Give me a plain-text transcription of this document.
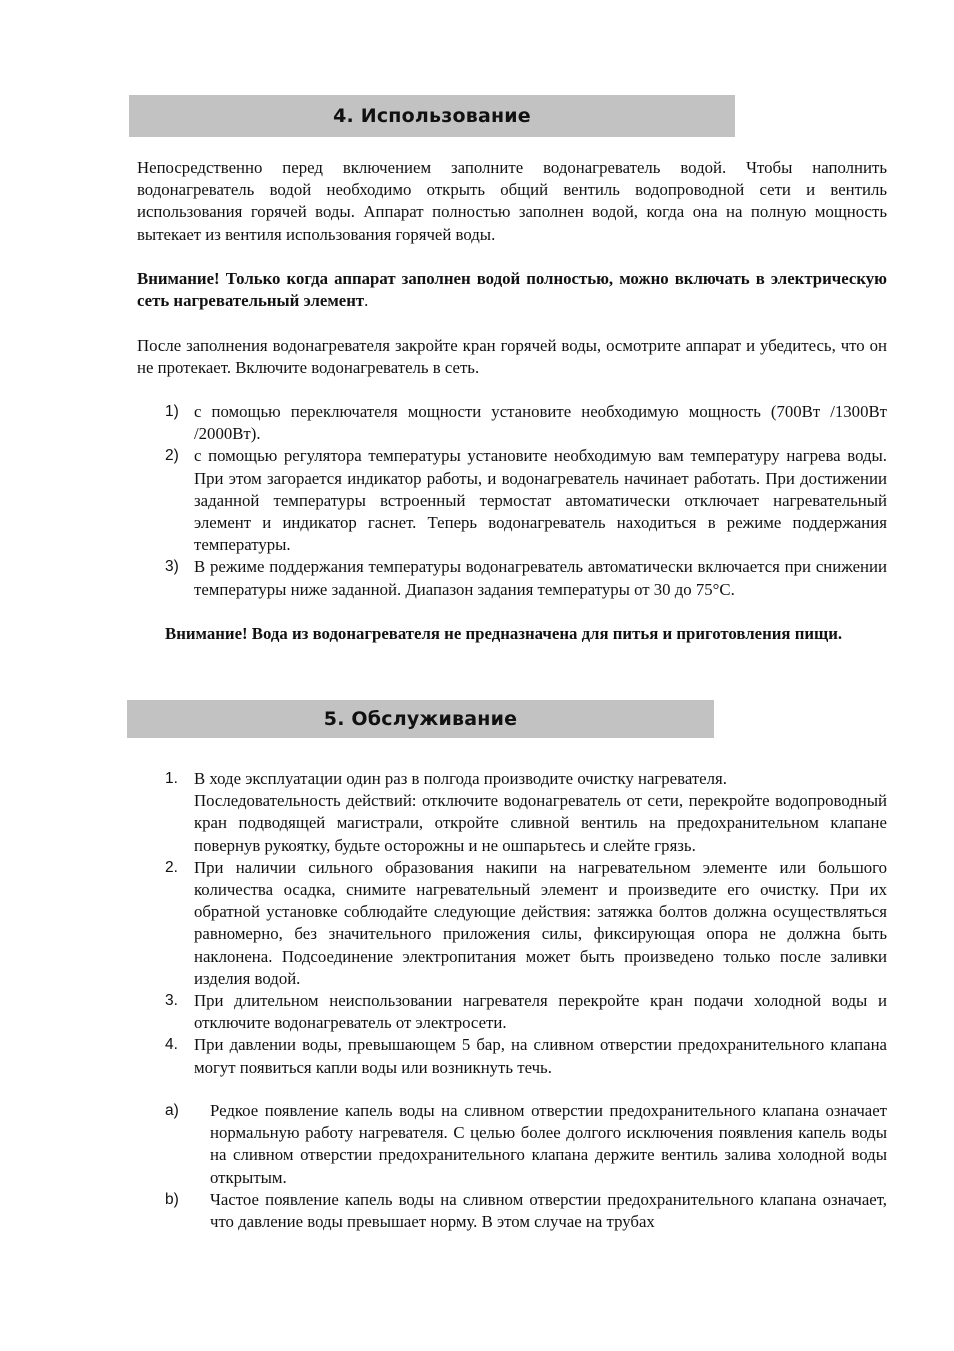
4. Использование

Непосредственно перед включением заполните водонагреватель водой. Чтобы наполнить водонагреватель водой необходимо открыть общий вентиль водопроводной сети и вентиль использования горячей воды. Аппарат полностью заполнен водой, когда она на полную мощность вытекает из вентиля использования горячей воды.

Внимание! Только когда аппарат заполнен водой полностью, можно включать в электрическую сеть нагревательный элемент.

После заполнения водонагревателя закройте кран горячей воды, осмотрите аппарат и убедитесь, что он не протекает. Включите водонагреватель в сеть.

1) с помощью переключателя мощности установите необходимую мощность (700Вт /1300Вт /2000Вт).
2) с помощью регулятора температуры установите необходимую вам температуру нагрева воды. При этом загорается индикатор работы, и водонагреватель начинает работать. При достижении заданной температуры встроенный термостат автоматически отключает нагревательный элемент и индикатор гаснет. Теперь водонагреватель находиться в режиме поддержания температуры.
3) В режиме поддержания температуры водонагреватель автоматически включается при снижении температуры ниже заданной. Диапазон задания температуры от 30 до 75°С.

Внимание! Вода из водонагревателя не предназначена для питья и приготовления пищи.

5. Обслуживание
1. В ходе эксплуатации один раз в полгода производите очистку нагревателя.
Последовательность действий: отключите водонагреватель от сети, перекройте водопроводный кран подводящей магистрали, откройте сливной вентиль на предохранительном клапане повернув рукоятку, будьте осторожны и не ошпарьтесь и слейте грязь.
2. При наличии сильного образования накипи на нагревательном элементе или большого количества осадка, снимите нагревательный элемент и произведите его очистку. При их обратной установке соблюдайте следующие действия: затяжка болтов должна осуществляться равномерно, без значительного приложения силы, фиксирующая опора не должна быть наклонена. Подсоединение электропитания может быть произведено только после заливки изделия водой.
3. При длительном неиспользовании нагревателя перекройте кран подачи холодной воды и отключите водонагреватель от электросети.
4. При давлении воды, превышающем 5 бар, на сливном отверстии предохранительного клапана могут появиться капли воды или возникнуть течь.
a) Редкое появление капель воды на сливном отверстии предохранительного клапана означает нормальную работу нагревателя. С целью более долгого исключения появления капель воды на сливном отверстии предохранительного клапана держите вентиль залива холодной воды открытым.
b) Частое появление капель воды на сливном отверстии предохранительного клапана означает, что давление воды превышает норму. В этом случае на трубах
